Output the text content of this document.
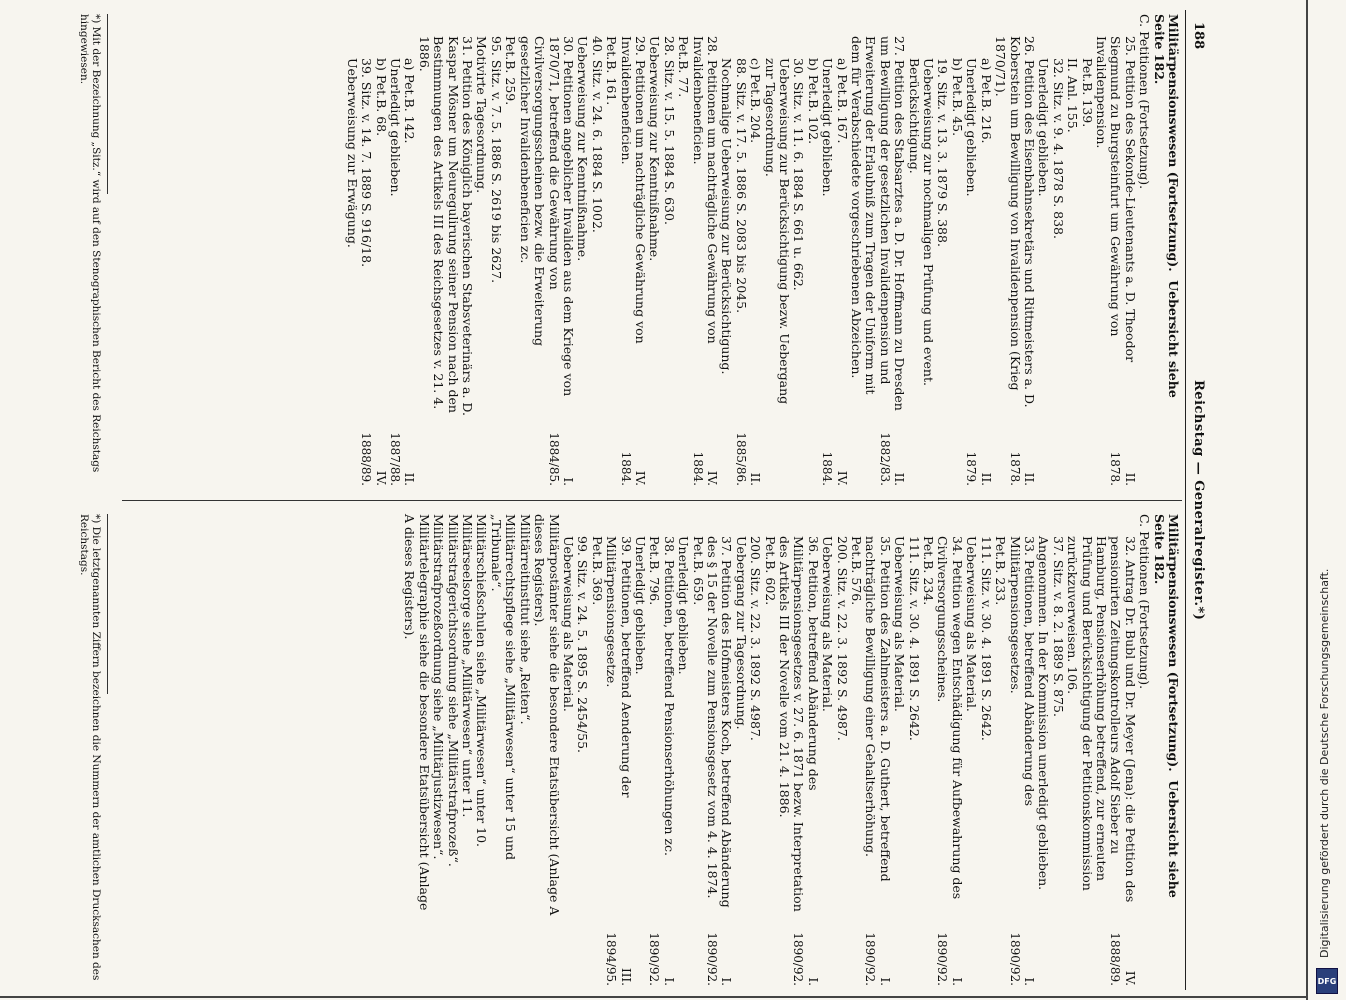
188
Reichstag — Generalregister.*)
Militärpensionswesen (Fortsetzung).  Uebersicht siehe Seite 182.
C. Petitionen (Fortsetzung).
25. Petition des Sekonde-Lieutenants a. D. Theodor Siegmund zu Burgsteinfurt um Gewährung von Invalidenpension.
II.
1878.
Pet.B. 139.
II. Anl. 155.
32. Sitz. v. 9. 4. 1878 S. 838.
Unerledigt geblieben.
26. Petition des Eisenbahnsekretärs und Rittmeisters a. D. Koberstein um Bewilligung von Invalidenpension (Krieg 1870/71).
II.
1878.
a) Pet.B. 216.
Unerledigt geblieben.
II.
1879.
b) Pet.B. 45.
19. Sitz. v. 13. 3. 1879 S. 388.
Ueberweisung zur nochmaligen Prüfung und event. Berücksichtigung.
27. Petition des Stabsarztes a. D. Dr. Hoffmann zu Dresden um Bewilligung der gesetzlichen Invalidenpension und Erweiterung der Erlaubniß zum Tragen der Uniform mit dem für Verabschiedete vorgeschriebenen Abzeichen.
II.
1882/83.
a) Pet.B. 167.
Unerledigt geblieben.
IV.
1884.
b) Pet.B. 102.
30. Sitz. v. 11. 6. 1884 S. 661 u. 662.
Ueberweisung zur Berücksichtigung bezw. Uebergang zur Tagesordnung.
c) Pet.B. 204.
88. Sitz. v. 17. 5. 1886 S. 2083 bis 2045.
Nochmalige Ueberweisung zur Berücksichtigung.
II.
1885/86.
28. Petitionen um nachträgliche Gewährung von Invalidenbeneficien.
Pet.B. 77.
28. Sitz. v. 15. 5. 1884 S. 630.
Ueberweisung zur Kenntnißnahme.
IV.
1884.
29. Petitionen um nachträgliche Gewährung von Invalidenbeneficien.
Pet.B. 161.
40. Sitz. v. 24. 6. 1884 S. 1002.
Ueberweisung zur Kenntnißnahme.
IV.
1884.
30. Petitionen angeblicher Invaliden aus dem Kriege von 1870/71, betreffend die Gewährung von Civilversorgungsscheinen bezw. die Erweiterung gesetzlicher Invalidenbeneficien zc.
Pet.B. 259.
95. Sitz. v. 7. 5. 1886 S. 2619 bis 2627.
Motivirte Tagesordnung.
I.
1884/85.
31. Petition des Königlich bayerischen Stabsveterinärs a. D. Kaspar Mösner um Neuregulirung seiner Pension nach den Bestimmungen des Artikels III des Reichsgesetzes v. 21. 4. 1886.
a) Pet.B. 142.
Unerledigt geblieben.
II.
1887/88.
b) Pet.B. 68.
39. Sitz. v. 14. 7. 1889 S. 916/18.
Ueberweisung zur Erwägung.
IV.
1888/89.
Militärpensionswesen (Fortsetzung).  Uebersicht siehe Seite 182.
C. Petitionen (Fortsetzung).
32. Antrag Dr. Bubl und Dr. Meyer (Jena): die Petition des pensionirten Zeitungskontrolleurs Adolf Sieber zu Hamburg, Pensionserhöhung betreffend, zur erneuten Prüfung und Berücksichtigung der Petitionskommission zurückzuverweisen. 106.
37. Sitz. v. 8. 2. 1889 S. 875.
Angenommen. In der Kommission unerledigt geblieben.
IV.
1888/89.
33. Petitionen, betreffend Abänderung des Militärpensionsgesetzes.
Pet.B. 233.
111. Sitz. v. 30. 4. 1891 S. 2642.
Ueberweisung als Material.
I.
1890/92.
34. Petition wegen Entschädigung für Aufbewahrung des Civilversorgungsscheines.
Pet.B. 234.
111. Sitz. v. 30. 4. 1891 S. 2642.
Ueberweisung als Material.
I.
1890/92.
35. Petition des Zahlmeisters a. D. Guthert, betreffend nachträgliche Bewilligung einer Gehaltserhöhung.
Pet.B. 576.
200. Sitz. v. 22. 3. 1892 S. 4987.
Ueberweisung als Material.
I.
1890/92.
36. Petition, betreffend Abänderung des Militärpensionsgesetzes v. 27. 6. 1871 bezw. Interpretation des Artikels III der Novelle vom 21. 4. 1886.
Pet.B. 602.
200. Sitz. v. 22. 3. 1892 S. 4987.
Uebergang zur Tagesordnung.
I.
1890/92.
37. Petition des Hofmeisters Koch, betreffend Abänderung des § 15 der Novelle zum Pensionsgesetz vom 4. 4. 1874.
Pet.B. 659.
Unerledigt geblieben.
I.
1890/92.
38. Petitionen, betreffend Pensionserhöhungen zc.
Pet.B. 796.
Unerledigt geblieben.
I.
1890/92.
39. Petitionen, betreffend Aenderung der Militärpensionsgesetze.
Pet.B. 369.
99. Sitz. v. 24. 5. 1895 S. 2454/55.
Ueberweisung als Material.
III.
1894/95.
Militärpostämter siehe die besondere Etatsübersicht (Anlage A dieses Registers).
Militärreitinstitut siehe „Reiten“.
Militärrechtspflege siehe „Militärwesen“ unter 15 und „Tribunale“.
Militärschießschulen siehe „Militärwesen“ unter 10.
Militärseelsorge siehe „Militärwesen“ unter 11.
Militärstrafgerichtsordnung siehe „Militärstrafprozeß“.
Militärstrafprozeßordnung siehe „Militärjustizwesen“.
Militärtelegraphie siehe die besondere Etatsübersicht (Anlage A dieses Registers).
*) Mit der Bezeichnung „Sitz.“ wird auf den Stenographischen Bericht des Reichstags hingewiesen.
*) Die letztgenannten Ziffern bezeichnen die Nummern der amtlichen Drucksachen des Reichstags.
Digitalisierung gefördert durch die Deutsche Forschungsgemeinschaft.
DFG
